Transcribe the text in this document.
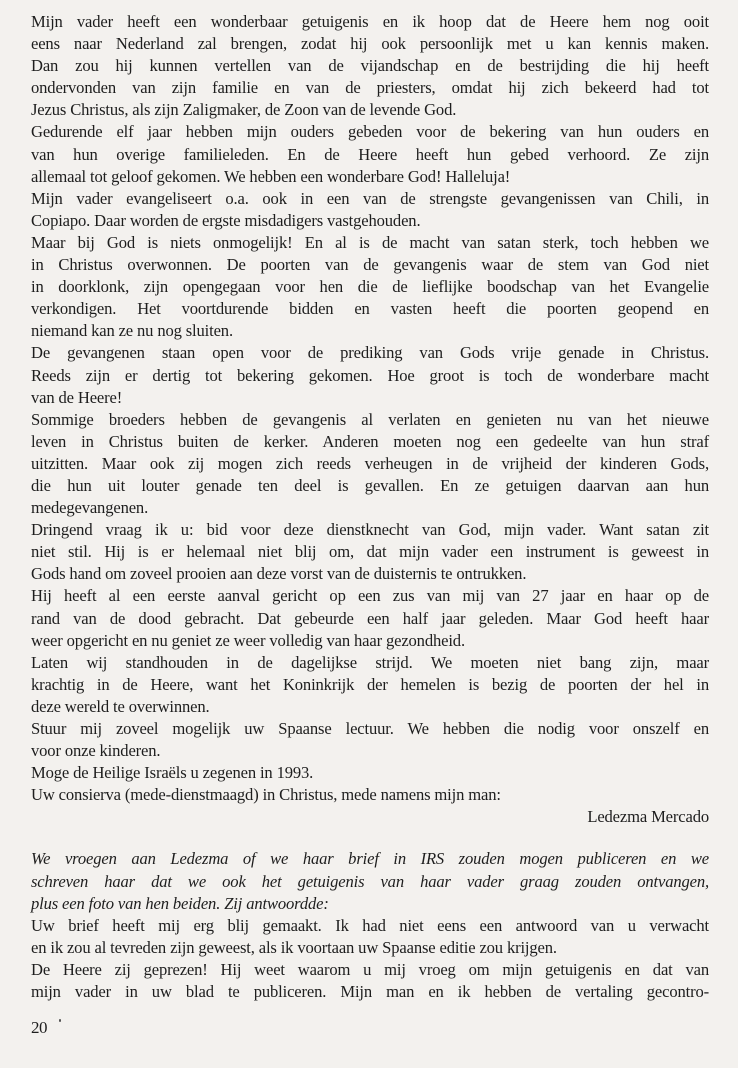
Mijn vader heeft een wonderbaar getuigenis en ik hoop dat de Heere hem nog ooit
eens naar Nederland zal brengen, zodat hij ook persoonlijk met u kan kennis maken.
Dan zou hij kunnen vertellen van de vijandschap en de bestrijding die hij heeft
ondervonden van zijn familie en van de priesters, omdat hij zich bekeerd had tot
Jezus Christus, als zijn Zaligmaker, de Zoon van de levende God.
Gedurende elf jaar hebben mijn ouders gebeden voor de bekering van hun ouders en
van hun overige familieleden. En de Heere heeft hun gebed verhoord. Ze zijn
allemaal tot geloof gekomen. We hebben een wonderbare God! Halleluja!
Mijn vader evangeliseert o.a. ook in een van de strengste gevangenissen van Chili, in
Copiapo. Daar worden de ergste misdadigers vastgehouden.
Maar bij God is niets onmogelijk! En al is de macht van satan sterk, toch hebben we
in Christus overwonnen. De poorten van de gevangenis waar de stem van God niet
in doorklonk, zijn opengegaan voor hen die de lieflijke boodschap van het Evangelie
verkondigen. Het voortdurende bidden en vasten heeft die poorten geopend en
niemand kan ze nu nog sluiten.
De gevangenen staan open voor de prediking van Gods vrije genade in Christus.
Reeds zijn er dertig tot bekering gekomen. Hoe groot is toch de wonderbare macht
van de Heere!
Sommige broeders hebben de gevangenis al verlaten en genieten nu van het nieuwe
leven in Christus buiten de kerker. Anderen moeten nog een gedeelte van hun straf
uitzitten. Maar ook zij mogen zich reeds verheugen in de vrijheid der kinderen Gods,
die hun uit louter genade ten deel is gevallen. En ze getuigen daarvan aan hun
medegevangenen.
Dringend vraag ik u: bid voor deze dienstknecht van God, mijn vader. Want satan zit
niet stil. Hij is er helemaal niet blij om, dat mijn vader een instrument is geweest in
Gods hand om zoveel prooien aan deze vorst van de duisternis te ontrukken.
Hij heeft al een eerste aanval gericht op een zus van mij van 27 jaar en haar op de
rand van de dood gebracht. Dat gebeurde een half jaar geleden. Maar God heeft haar
weer opgericht en nu geniet ze weer volledig van haar gezondheid.
Laten wij standhouden in de dagelijkse strijd. We moeten niet bang zijn, maar
krachtig in de Heere, want het Koninkrijk der hemelen is bezig de poorten der hel in
deze wereld te overwinnen.
Stuur mij zoveel mogelijk uw Spaanse lectuur. We hebben die nodig voor onszelf en
voor onze kinderen.
Moge de Heilige Israëls u zegenen in 1993.
Uw consierva (mede-dienstmaagd) in Christus, mede namens mijn man:
Ledezma Mercado
We vroegen aan Ledezma of we haar brief in IRS zouden mogen publiceren en we
schreven haar dat we ook het getuigenis van haar vader graag zouden ontvangen,
plus een foto van hen beiden. Zij antwoordde:
Uw brief heeft mij erg blij gemaakt. Ik had niet eens een antwoord van u verwacht
en ik zou al tevreden zijn geweest, als ik voortaan uw Spaanse editie zou krijgen.
De Heere zij geprezen! Hij weet waarom u mij vroeg om mijn getuigenis en dat van
mijn vader in uw blad te publiceren. Mijn man en ik hebben de vertaling gecontro-
20
